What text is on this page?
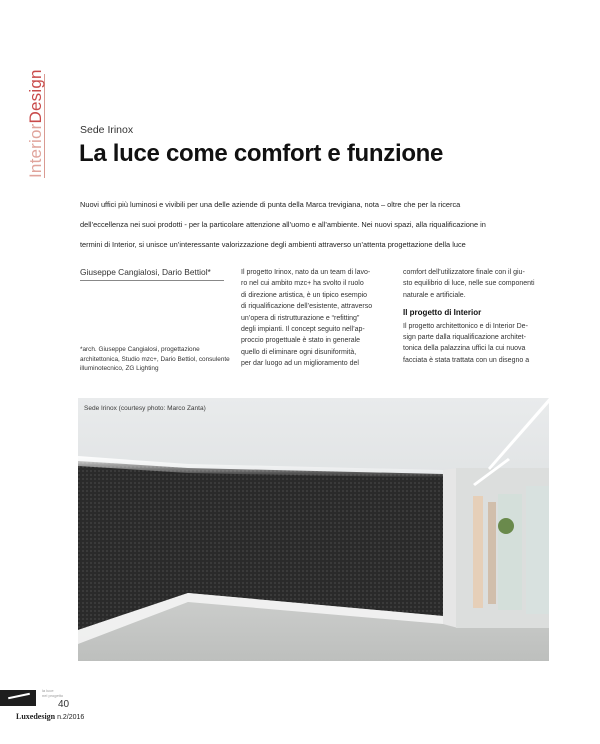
InteriorDesign
Sede Irinox
La luce come comfort e funzione
Nuovi uffici più luminosi e vivibili per una delle aziende di punta della Marca trevigiana, nota – oltre che per la ricerca
dell’eccellenza nei suoi prodotti - per la particolare attenzione all’uomo e all’ambiente. Nei nuovi spazi, alla riqualificazione in
termini di Interior, si unisce un’interessante valorizzazione degli ambienti attraverso un’attenta progettazione della luce
Giuseppe Cangialosi, Dario Bettiol*
*arch. Giuseppe Cangialosi, progettazione architettonica, Studio mzc+, Dario Bettiol, consulente illuminotecnico, ZG Lighting
Il progetto Irinox, nato da un team di lavo-
ro nel cui ambito mzc+ ha svolto il ruolo
di direzione artistica, è un tipico esempio
di riqualificazione dell’esistente, attraverso
un’opera di ristrutturazione e “refitting”
degli impianti. Il concept seguito nell’ap-
proccio progettuale è stato in generale
quello di eliminare ogni disuniformità,
per dar luogo ad un miglioramento del
comfort dell’utilizzatore finale con il giu-
sto equilibrio di luce, nelle sue componenti
naturale e artificiale.
Il progetto di Interior
Il progetto architettonico e di Interior De-
sign parte dalla riqualificazione architet-
tonica della palazzina uffici la cui nuova
facciata è stata trattata con un disegno a
Sede Irinox (courtesy photo: Marco Zanta)
la luce
nel progetto
40
Luxedesign n.2/2016
